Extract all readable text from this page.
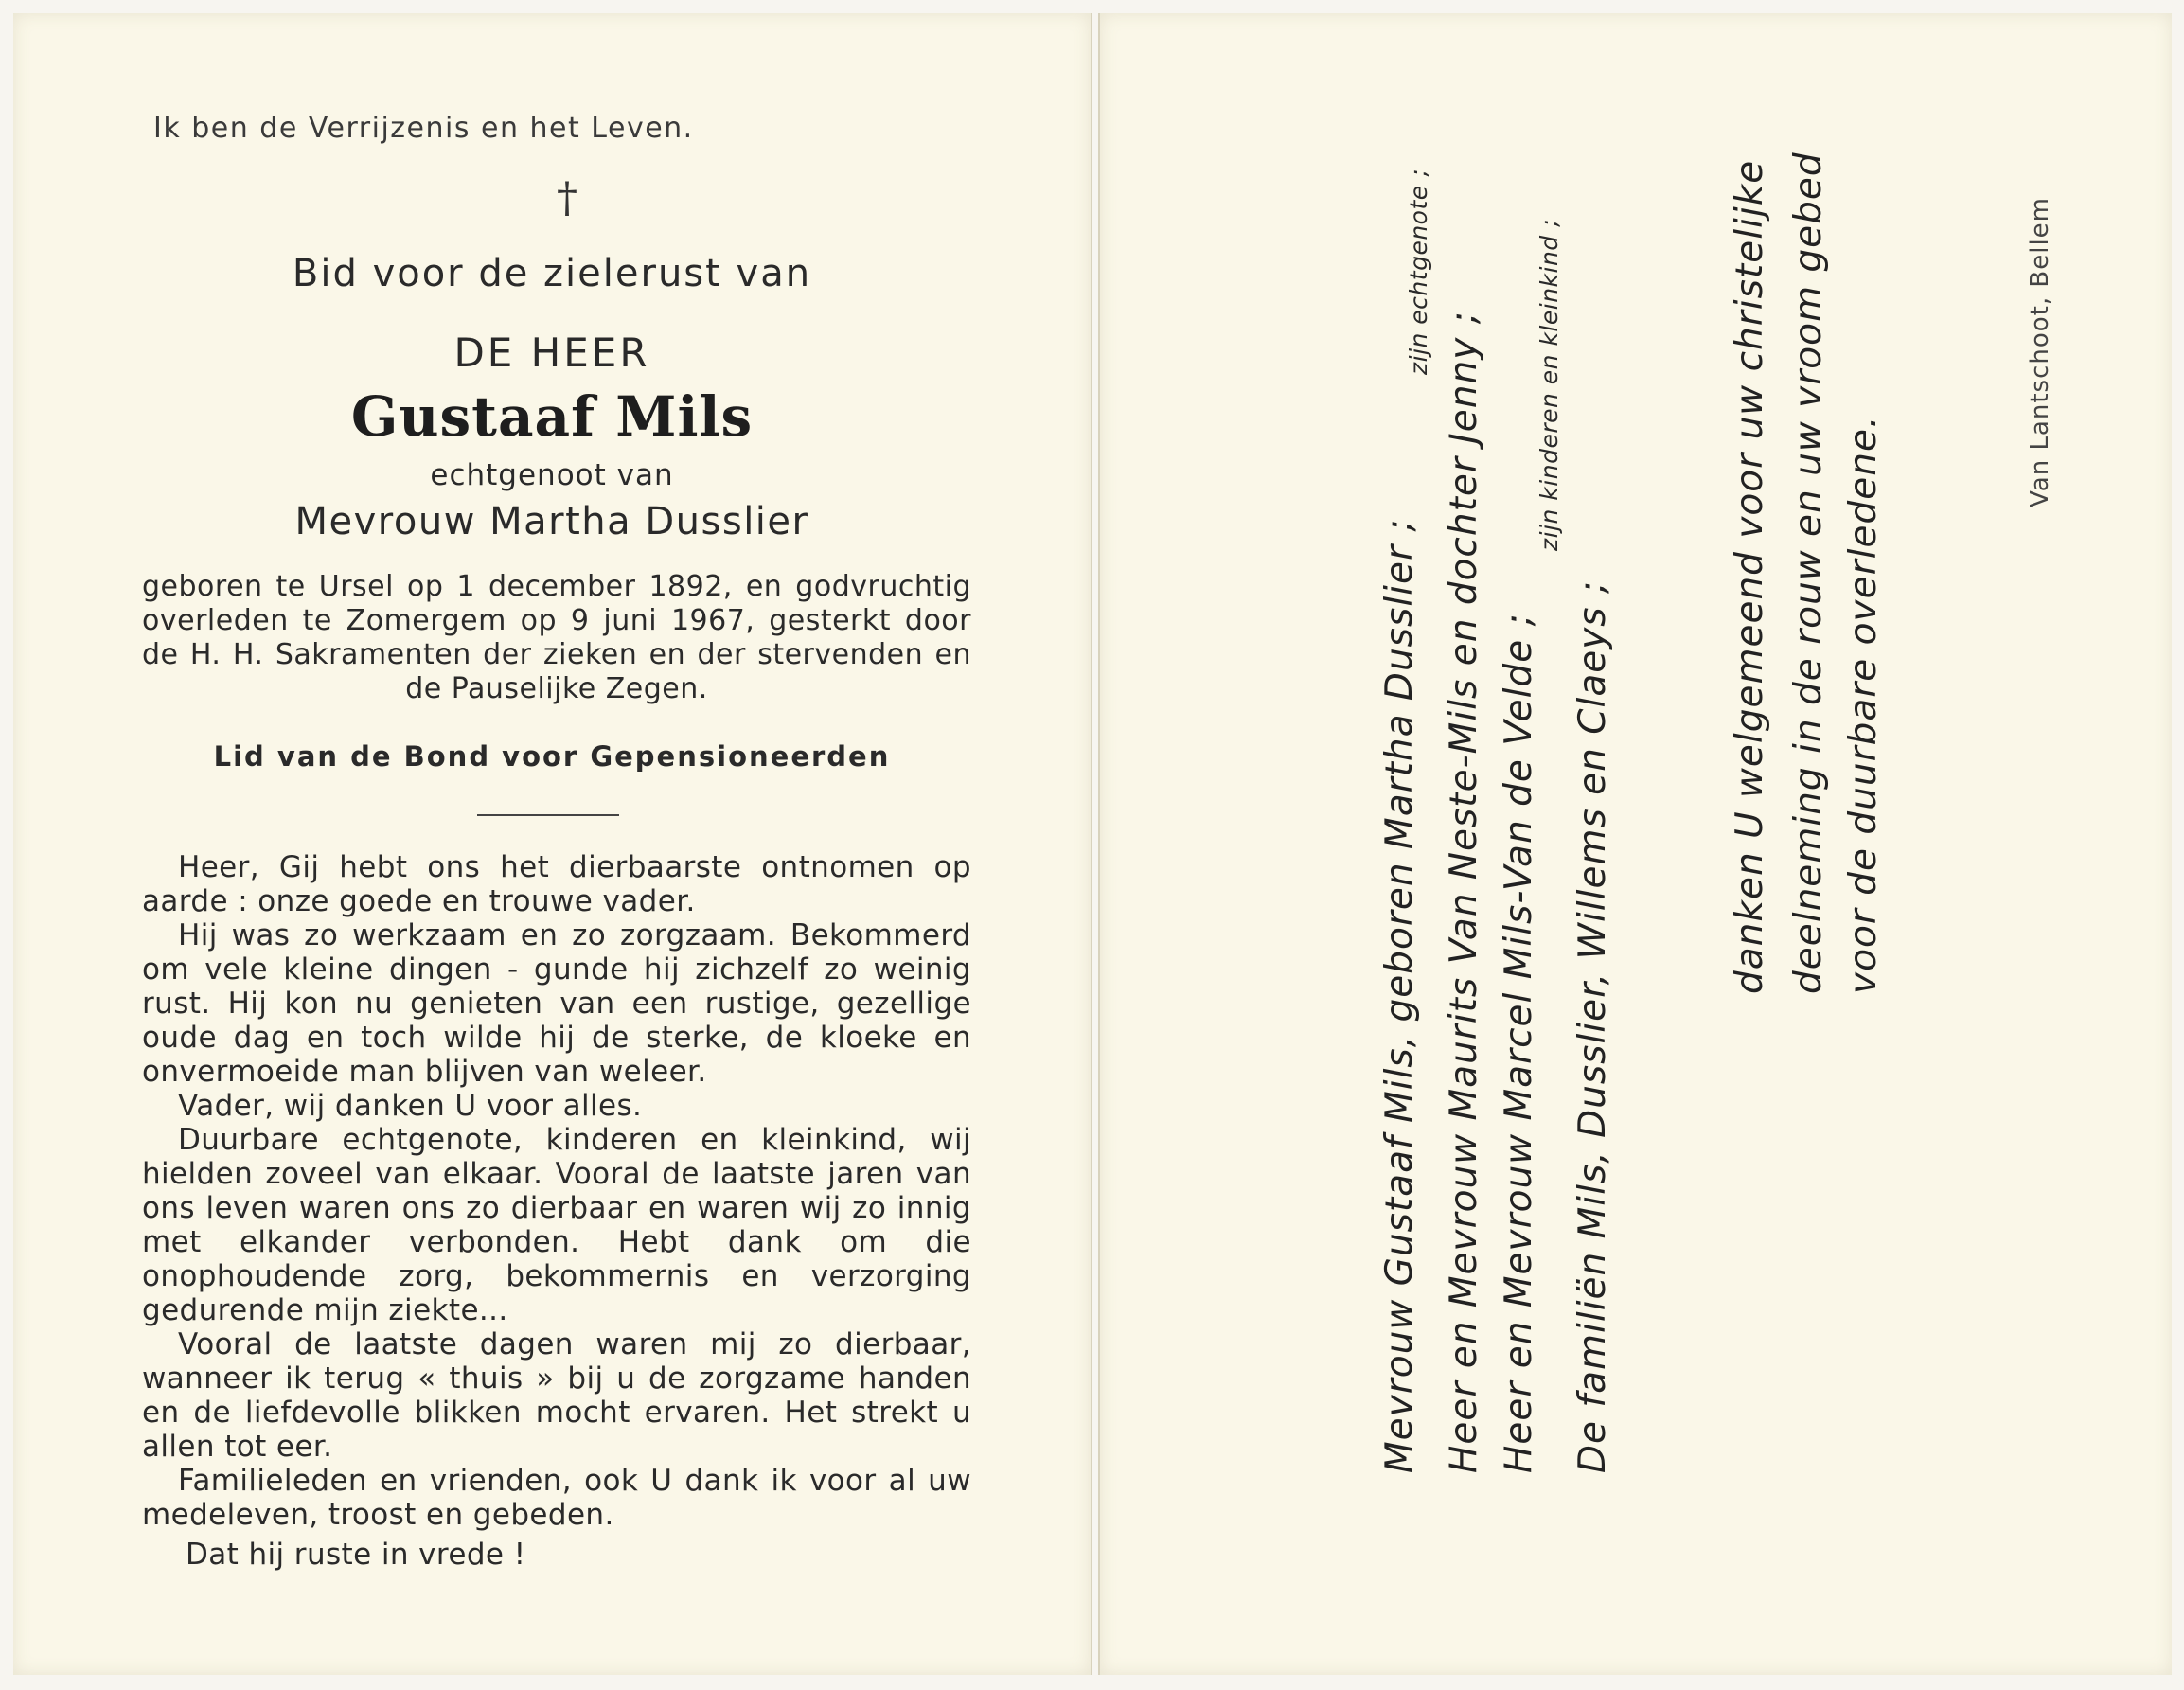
Ik ben de Verrijzenis en het Leven.
†
Bid voor de zielerust van
DE HEER
Gustaaf Mils
echtgenoot van
Mevrouw Martha Dusslier
geboren te Ursel op 1 december 1892, en godvruchtig overleden te Zomergem op 9 juni 1967, gesterkt door de H. H. Sakramenten der zieken en der stervenden en de Pauselijke Zegen.
Lid van de Bond voor Gepensioneerden

Heer, Gij hebt ons het dierbaarste ontnomen op aarde : onze goede en trouwe vader.

Hij was zo werkzaam en zo zorgzaam. Bekommerd om vele kleine dingen - gunde hij zichzelf zo weinig rust. Hij kon nu genieten van een rustige, gezellige oude dag en toch wilde hij de sterke, de kloeke en onvermoeide man blijven van weleer.

Vader, wij danken U voor alles.

Duurbare echtgenote, kinderen en kleinkind, wij hielden zoveel van elkaar. Vooral de laatste jaren van ons leven waren ons zo dierbaar en waren wij zo innig met elkander verbonden. Hebt dank om die onophoudende zorg, bekommernis en verzorging gedurende mijn ziekte...

Vooral de laatste dagen waren mij zo dierbaar, wanneer ik terug « thuis » bij u de zorgzame handen en de liefdevolle blikken mocht ervaren. Het strekt u allen tot eer.

Familieleden en vrienden, ook U dank ik voor al uw medeleven, troost en gebeden.

Dat hij ruste in vrede !
Mevrouw Gustaaf Mils, geboren Martha Dusslier ;
zijn echtgenote ;
Heer en Mevrouw Maurits Van Neste-Mils en dochter Jenny ; Heer en Mevrouw Marcel Mils-Van de Velde ;
zijn kinderen en kleinkind ;
De familiën Mils, Dusslier, Willems en Claeys ;
danken U welgemeend voor uw christelijke deelneming in de rouw en uw vroom gebed voor de duurbare overledene.
Van Lantschoot, Bellem
